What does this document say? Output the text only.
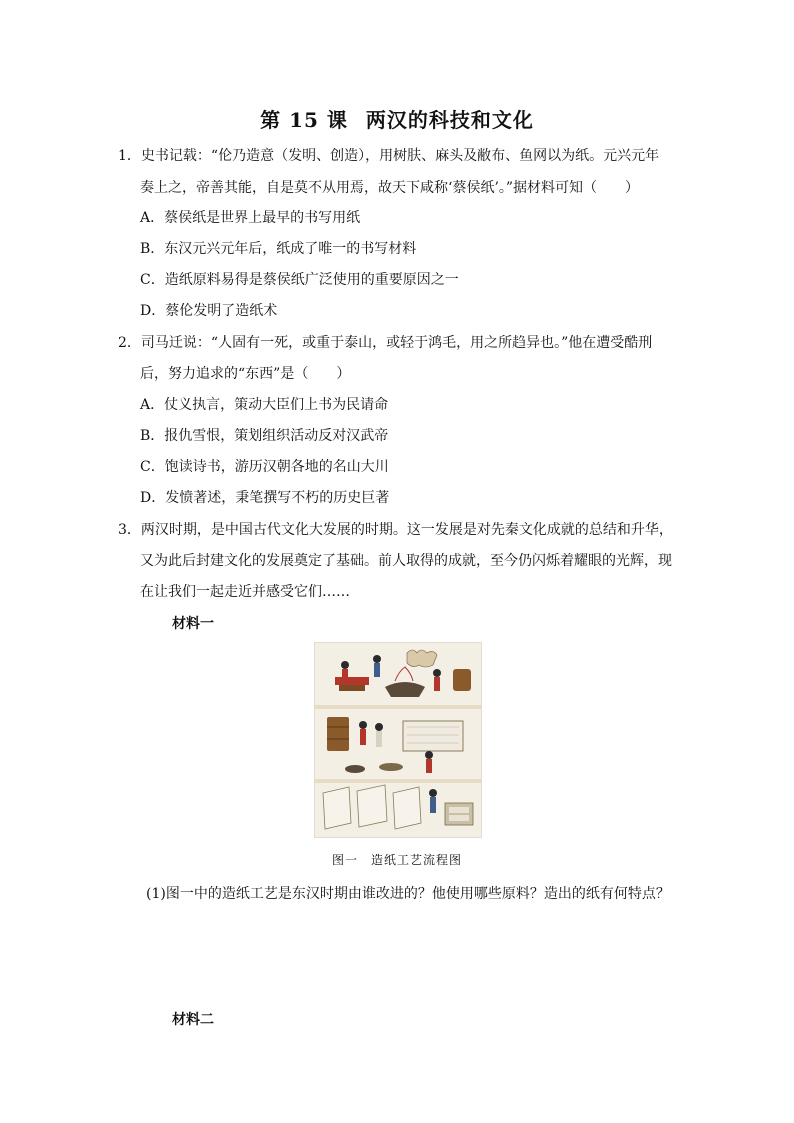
第 15 课 两汉的科技和文化
1．史书记载：“伦乃造意（发明、创造），用树肤、麻头及敝布、鱼网以为纸。元兴元年
奏上之，帝善其能，自是莫不从用焉，故天下咸称‘蔡侯纸’。”据材料可知（　　）
A．蔡侯纸是世界上最早的书写用纸
B．东汉元兴元年后，纸成了唯一的书写材料
C．造纸原料易得是蔡侯纸广泛使用的重要原因之一
D．蔡伦发明了造纸术
2．司马迁说：“人固有一死，或重于泰山，或轻于鸿毛，用之所趋异也。”他在遭受酷刑
后，努力追求的“东西”是（　　）
A．仗义执言，策动大臣们上书为民请命
B．报仇雪恨，策划组织活动反对汉武帝
C．饱读诗书，游历汉朝各地的名山大川
D．发愤著述，秉笔撰写不朽的历史巨著
3．两汉时期，是中国古代文化大发展的时期。这一发展是对先秦文化成就的总结和升华，
又为此后封建文化的发展奠定了基础。前人取得的成就，至今仍闪烁着耀眼的光辉，现
在让我们一起走近并感受它们……
材料一
图一　造纸工艺流程图
(1)图一中的造纸工艺是东汉时期由谁改进的？他使用哪些原料？造出的纸有何特点？
材料二
